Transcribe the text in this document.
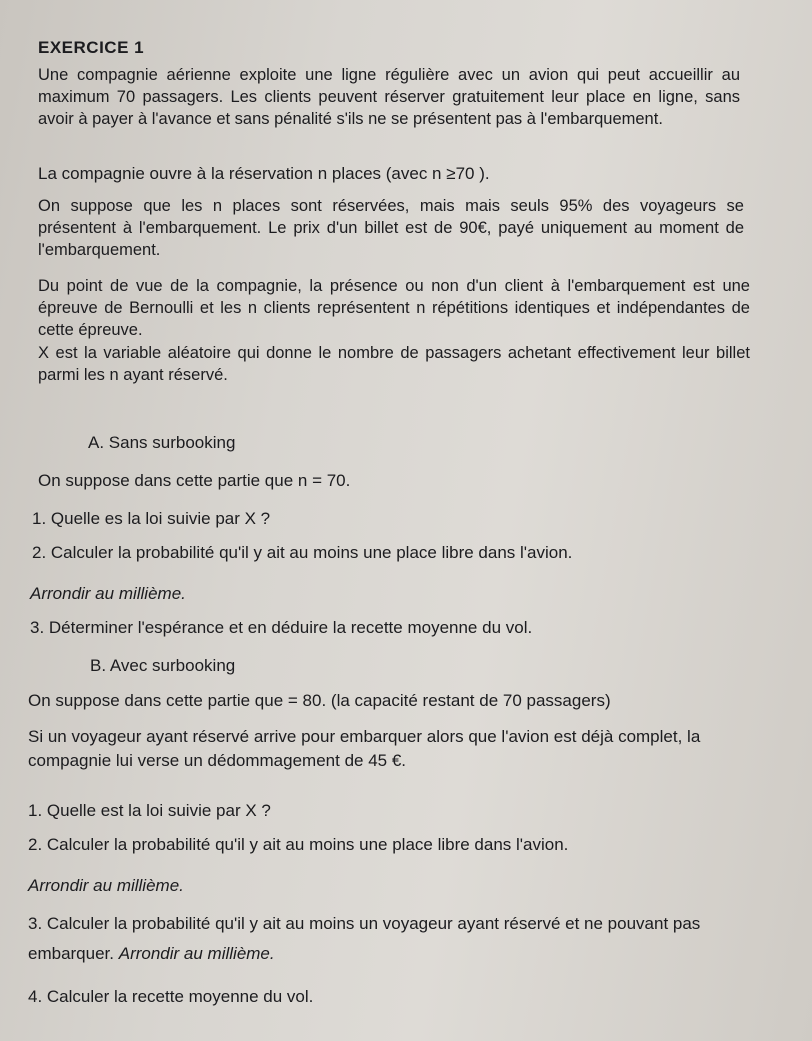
EXERCICE 1

Une compagnie aérienne exploite une ligne régulière avec un avion qui peut accueillir au maximum 70 passagers. Les clients peuvent réserver gratuitement leur place en ligne, sans avoir à payer à l'avance et sans pénalité s'ils ne se présentent pas à l'embarquement.

La compagnie ouvre à la réservation n places (avec n ≥70 ).

On suppose que les n places sont réservées, mais mais seuls 95% des voyageurs se présentent à l'embarquement. Le prix d'un billet est de 90€, payé uniquement au moment de l'embarquement.

Du point de vue de la compagnie, la présence ou non d'un client à l'embarquement est une épreuve de Bernoulli et les n clients représentent n répétitions identiques et indépendantes de cette épreuve.

X est la variable aléatoire qui donne le nombre de passagers achetant effectivement leur billet parmi les n ayant réservé.

A. Sans surbooking

On suppose dans cette partie que n = 70.

1. Quelle es la loi suivie par X ?

2. Calculer la probabilité qu'il y ait au moins une place libre dans l'avion.

Arrondir au millième.

3. Déterminer l'espérance et en déduire la recette moyenne du vol.

B. Avec surbooking

On suppose dans cette partie que = 80. (la capacité restant de 70 passagers)

Si un voyageur ayant réservé arrive pour embarquer alors que l'avion est déjà complet, la compagnie lui verse un dédommagement de 45 €.

1. Quelle est la loi suivie par X ?

2. Calculer la probabilité qu'il y ait au moins une place libre dans l'avion.

Arrondir au millième.

3. Calculer la probabilité qu'il y ait au moins un voyageur ayant réservé et ne pouvant pas embarquer. Arrondir au millième.

4. Calculer la recette moyenne du vol.
